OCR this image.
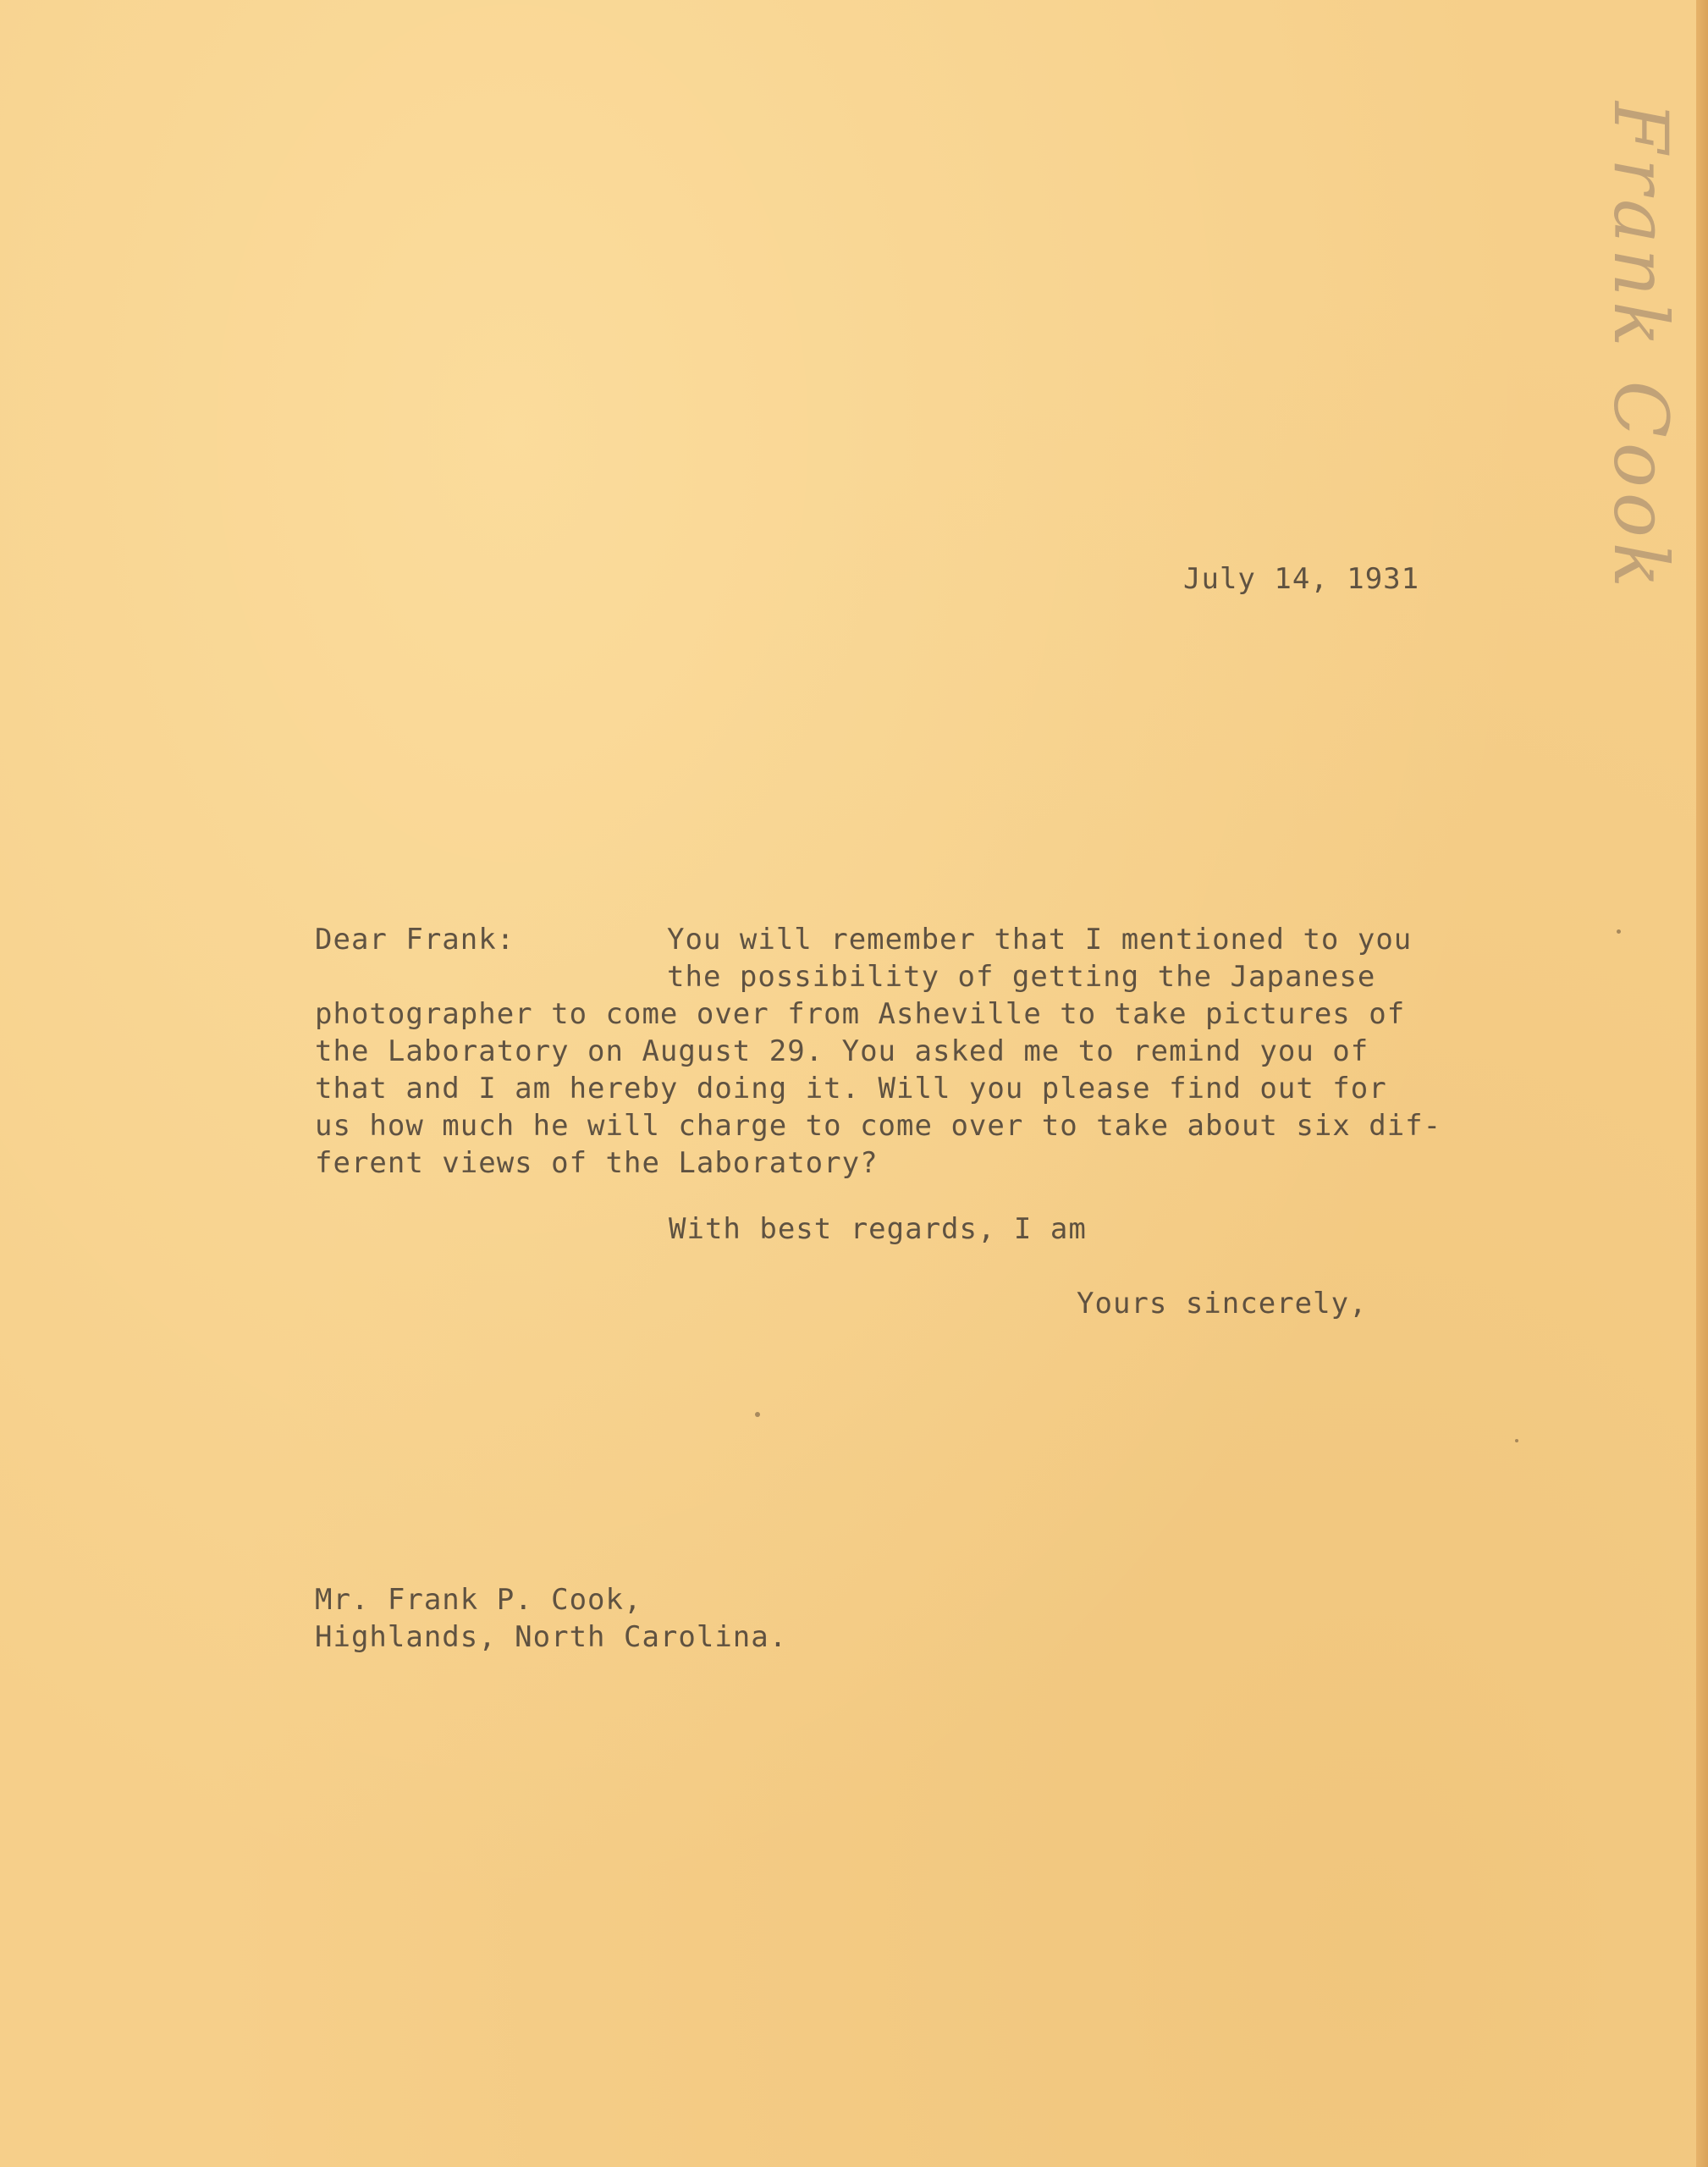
July 14, 1931
Dear Frank:	You will remember that I mentioned to you
the possibility of getting the Japanese
photographer to come over from Asheville to take pictures of
the Laboratory on August 29. You asked me to remind you of
that and I am hereby doing it. Will you please find out for
us how much he will charge to come over to take about six dif-
ferent views of the Laboratory?
With best regards, I am
Yours sincerely,
Mr. Frank P. Cook,
Highlands, North Carolina.
Frank Cook
